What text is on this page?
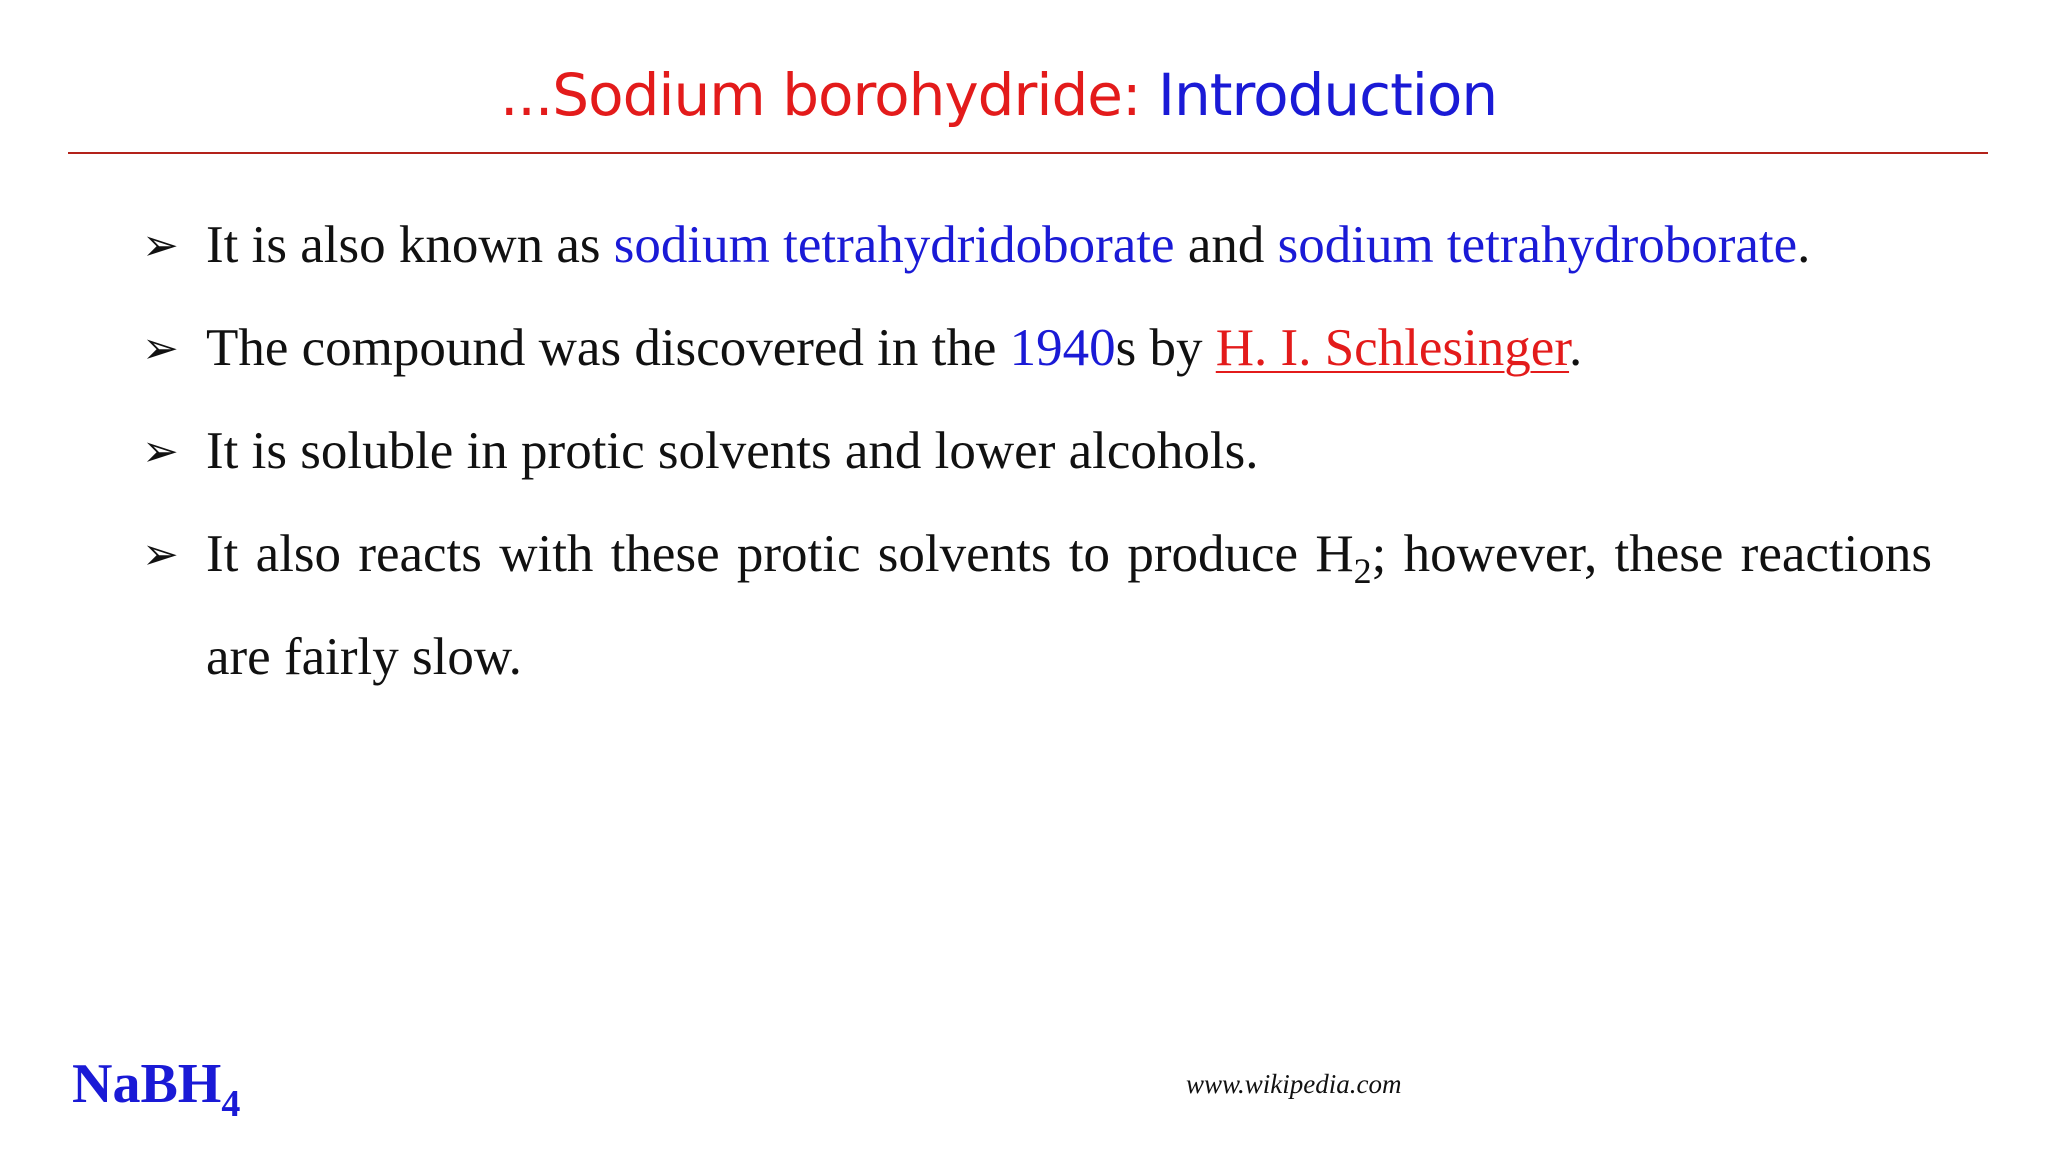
...Sodium borohydride: Introduction
➢ It is also known as sodium tetrahydridoborate and sodium tetrahydroborate.
➢ The compound was discovered in the 1940s by H. I. Schlesinger.
➢ It is soluble in protic solvents and lower alcohols.
➢ It also reacts with these protic solvents to produce $H_2$; however, these reactions are fairly slow.
NaBH$_4$	www.wikipedia.com
